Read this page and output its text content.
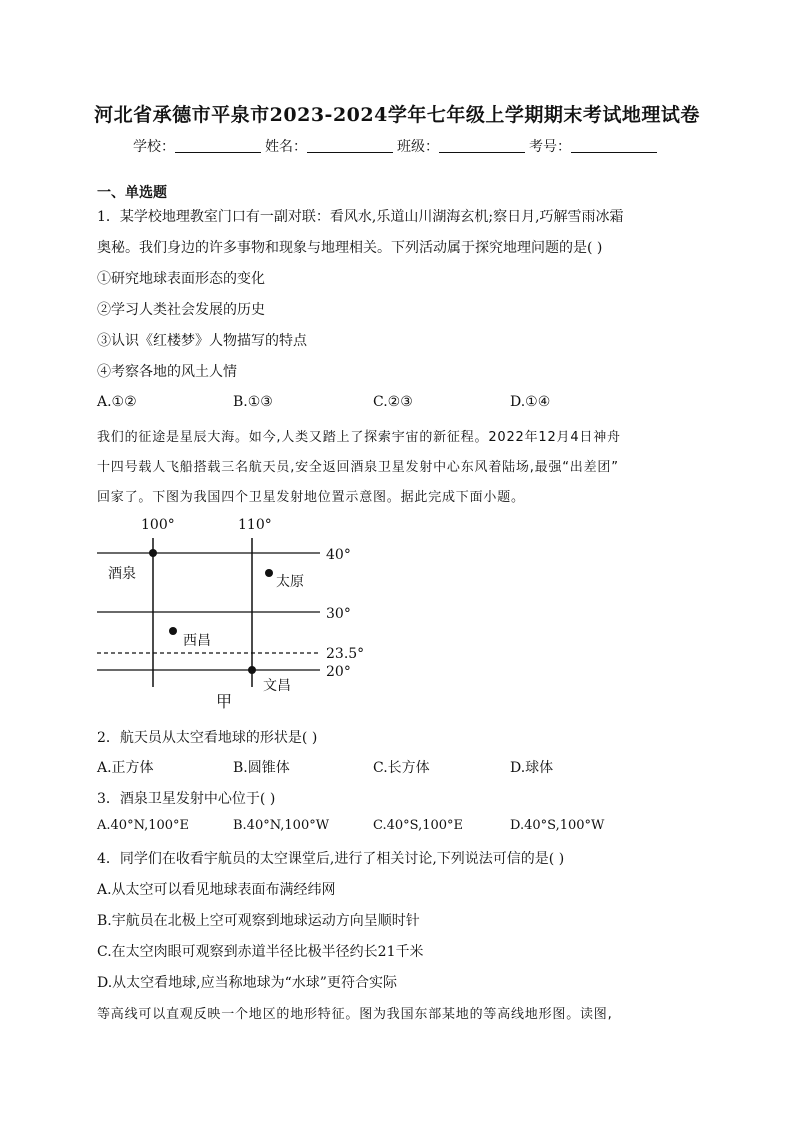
河北省承德市平泉市2023-2024学年七年级上学期期末考试地理试卷
学校：	姓名：	班级：	考号：
一、单选题
1．某学校地理教室门口有一副对联：看风水,乐道山川湖海玄机;察日月,巧解雪雨冰霜
奥秘。我们身边的许多事物和现象与地理相关。下列活动属于探究地理问题的是( )
①研究地球表面形态的变化
②学习人类社会发展的历史
③认识《红楼梦》人物描写的特点
④考察各地的风土人情
A.①②	B.①③	C.②③	D.①④
我们的征途是星辰大海。如今,人类又踏上了探索宇宙的新征程。2022年12月4日神舟
十四号载人飞船搭载三名航天员,安全返回酒泉卫星发射中心东风着陆场,最强“出差团”
回家了。下图为我国四个卫星发射地位置示意图。据此完成下面小题。
100°	110°
40°
30°
23.5°
20°
酒泉	太原
西昌
文昌
甲
2．航天员从太空看地球的形状是( )
A.正方体	B.圆锥体	C.长方体	D.球体
3．酒泉卫星发射中心位于( )
A.40°N,100°E	B.40°N,100°W	C.40°S,100°E	D.40°S,100°W
4．同学们在收看宇航员的太空课堂后,进行了相关讨论,下列说法可信的是( )
A.从太空可以看见地球表面布满经纬网
B.宇航员在北极上空可观察到地球运动方向呈顺时针
C.在太空肉眼可观察到赤道半径比极半径约长21千米
D.从太空看地球,应当称地球为“水球”更符合实际
等高线可以直观反映一个地区的地形特征。图为我国东部某地的等高线地形图。读图,
